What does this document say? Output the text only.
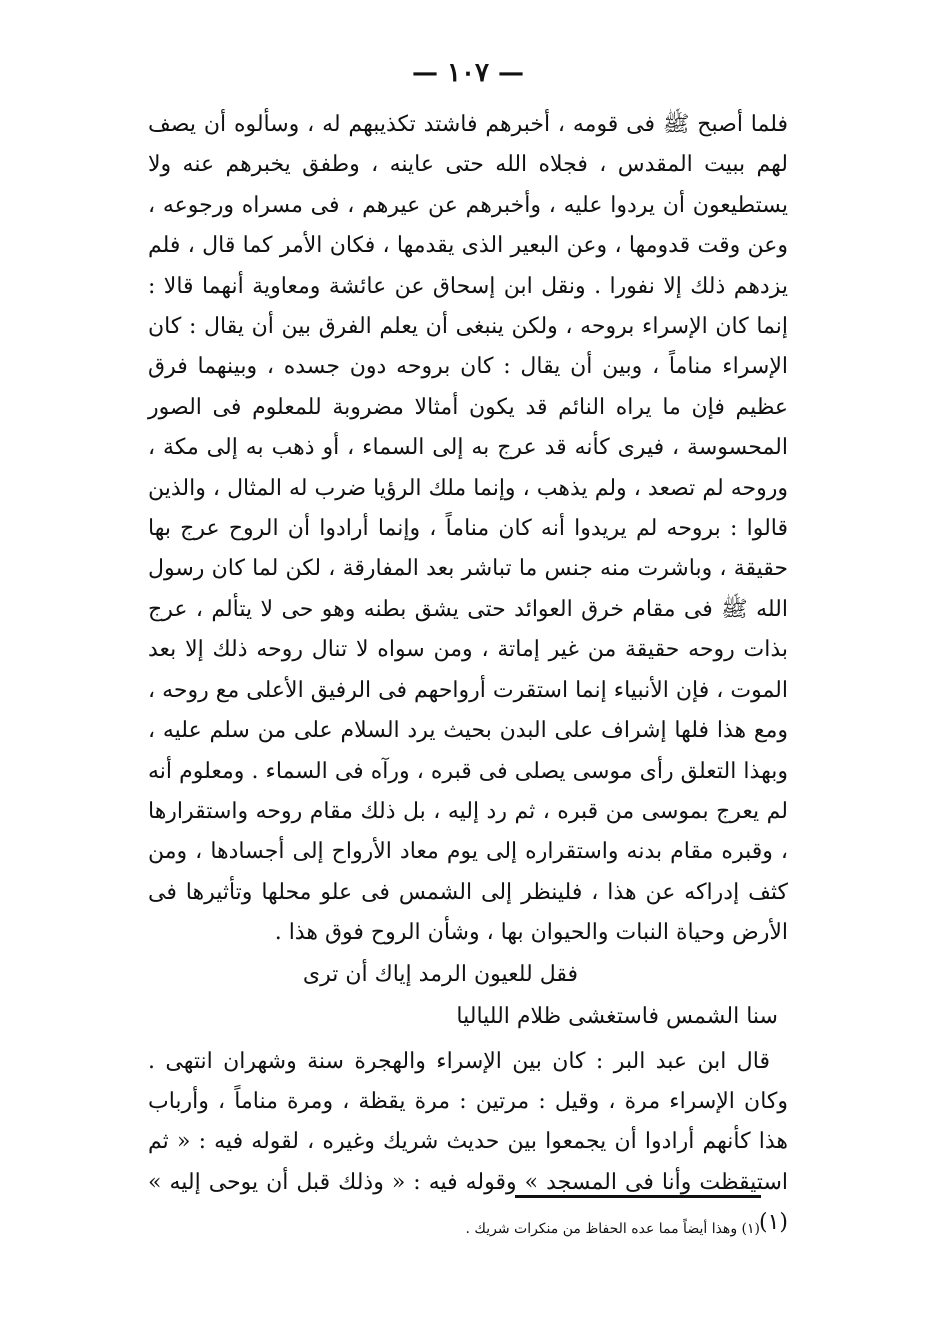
— ١٠٧ —

فلما أصبح ﷺ فى قومه ، أخبرهم فاشتد تكذيبهم له ، وسألوه أن يصف لهم ببيت المقدس ، فجلاه الله حتى عاينه ، وطفق يخبرهم عنه ولا يستطيعون أن يردوا عليه ، وأخبرهم عن عيرهم ، فى مسراه ورجوعه ، وعن وقت قدومها ، وعن البعير الذى يقدمها ، فكان الأمر كما قال ، فلم يزدهم ذلك إلا نفورا . ونقل ابن إسحاق عن عائشة ومعاوية أنهما قالا : إنما كان الإسراء بروحه ، ولكن ينبغى أن يعلم الفرق بين أن يقال : كان الإسراء مناماً ، وبين أن يقال : كان بروحه دون جسده ، وبينهما فرق عظيم فإن ما يراه النائم قد يكون أمثالا مضروبة للمعلوم فى الصور المحسوسة ، فيرى كأنه قد عرج به إلى السماء ، أو ذهب به إلى مكة ، وروحه لم تصعد ، ولم يذهب ، وإنما ملك الرؤيا ضرب له المثال ، والذين قالوا : بروحه لم يريدوا أنه كان مناماً ، وإنما أرادوا أن الروح عرج بها حقيقة ، وباشرت منه جنس ما تباشر بعد المفارقة ، لكن لما كان رسول الله ﷺ فى مقام خرق العوائد حتى يشق بطنه وهو حى لا يتألم ، عرج بذات روحه حقيقة من غير إماتة ، ومن سواه لا تنال روحه ذلك إلا بعد الموت ، فإن الأنبياء إنما استقرت أرواحهم فى الرفيق الأعلى مع روحه ، ومع هذا فلها إشراف على البدن بحيث يرد السلام على من سلم عليه ، وبهذا التعلق رأى موسى يصلى فى قبره ، ورآه فى السماء . ومعلوم أنه لم يعرج بموسى من قبره ، ثم رد إليه ، بل ذلك مقام روحه واستقرارها ، وقبره مقام بدنه واستقراره إلى يوم معاد الأرواح إلى أجسادها ، ومن كثف إدراكه عن هذا ، فلينظر إلى الشمس فى علو محلها وتأثيرها فى الأرض وحياة النبات والحيوان بها ، وشأن الروح فوق هذا .

فقل للعيون الرمد إياك أن ترى
سنا الشمس فاستغشى ظلام اللياليا

قال ابن عبد البر : كان بين الإسراء والهجرة سنة وشهران انتهى . وكان الإسراء مرة ، وقيل : مرتين : مرة يقظة ، ومرة مناماً ، وأرباب هذا كأنهم أرادوا أن يجمعوا بين حديث شريك وغيره ، لقوله فيه : « ثم استيقظت وأنا فى المسجد » وقوله فيه : « وذلك قبل أن يوحى إليه » (١)

(١) وهذا أيضاً مما عده الحفاظ من منكرات شريك .
